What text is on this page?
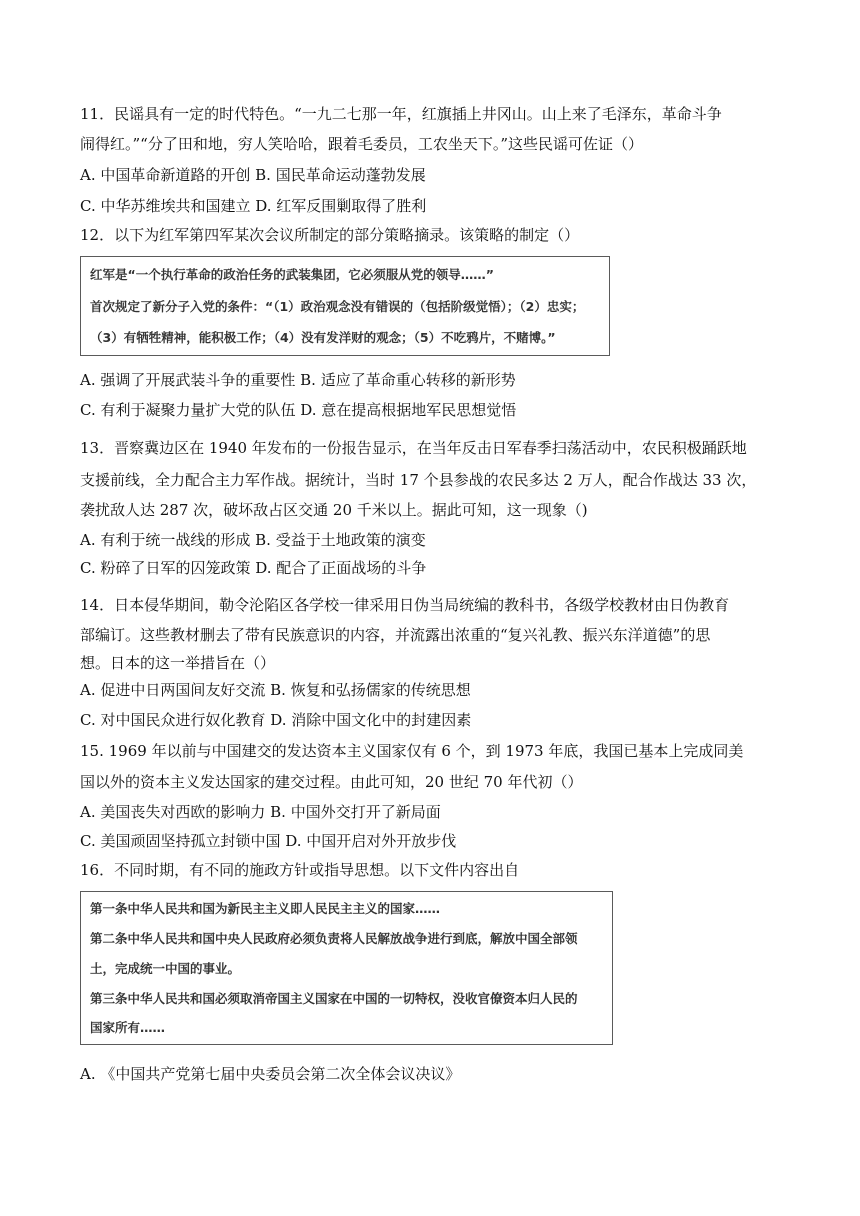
11．民谣具有一定的时代特色。“一九二七那一年，红旗插上井冈山。山上来了毛泽东，革命斗争
闹得红。”“分了田和地，穷人笑哈哈，跟着毛委员，工农坐天下。”这些民谣可佐证（）
A. 中国革命新道路的开创 B. 国民革命运动蓬勃发展
C. 中华苏维埃共和国建立 D. 红军反围剿取得了胜利
12．以下为红军第四军某次会议所制定的部分策略摘录。该策略的制定（）
红军是“一个执行革命的政治任务的武装集团，它必须服从党的领导……”
首次规定了新分子入党的条件：“（1）政治观念没有错误的（包括阶级觉悟）；（2）忠实；
（3）有牺牲精神，能积极工作；（4）没有发洋财的观念；（5）不吃鸦片，不赌博。”
A. 强调了开展武装斗争的重要性 B. 适应了革命重心转移的新形势
C. 有利于凝聚力量扩大党的队伍 D. 意在提高根据地军民思想觉悟
13．晋察冀边区在 1940 年发布的一份报告显示，在当年反击日军春季扫荡活动中，农民积极踊跃地
支援前线，全力配合主力军作战。据统计，当时 17 个县参战的农民多达 2 万人，配合作战达 33 次，
袭扰敌人达 287 次，破坏敌占区交通 20 千米以上。据此可知，这一现象（)
A. 有利于统一战线的形成 B. 受益于土地政策的演变
C. 粉碎了日军的囚笼政策 D. 配合了正面战场的斗争
14．日本侵华期间，勒令沦陷区各学校一律采用日伪当局统编的教科书，各级学校教材由日伪教育
部编订。这些教材删去了带有民族意识的内容，并流露出浓重的“复兴礼教、振兴东洋道德”的思
想。日本的这一举措旨在（）
A. 促进中日两国间友好交流 B. 恢复和弘扬儒家的传统思想
C. 对中国民众进行奴化教育 D. 消除中国文化中的封建因素
15. 1969 年以前与中国建交的发达资本主义国家仅有 6 个，到 1973 年底，我国已基本上完成同美
国以外的资本主义发达国家的建交过程。由此可知，20 世纪 70 年代初（）
A. 美国丧失对西欧的影响力 B. 中国外交打开了新局面
C. 美国顽固坚持孤立封锁中国 D. 中国开启对外开放步伐
16．不同时期，有不同的施政方针或指导思想。以下文件内容出自
第一条中华人民共和国为新民主主义即人民民主主义的国家……
第二条中华人民共和国中央人民政府必须负责将人民解放战争进行到底，解放中国全部领
土，完成统一中国的事业。
第三条中华人民共和国必须取消帝国主义国家在中国的一切特权，没收官僚资本归人民的
国家所有……
A. 《中国共产党第七届中央委员会第二次全体会议决议》
